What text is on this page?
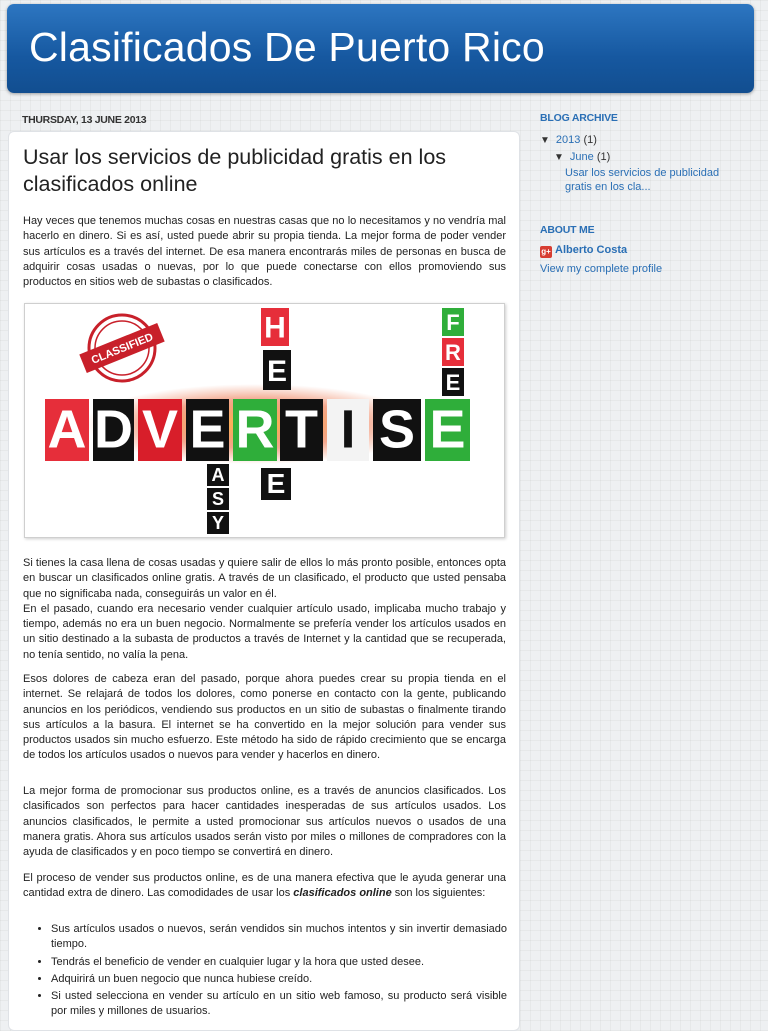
Clasificados De Puerto Rico
THURSDAY, 13 JUNE 2013
Usar los servicios de publicidad gratis en los clasificados online

Hay veces que tenemos muchas cosas en nuestras casas que no lo necesitamos y no vendría mal hacerlo en dinero. Si es así, usted puede abrir su propia tienda. La mejor forma de poder vender sus artículos es a través del internet. De esa manera encontrarás miles de personas en busca de adquirir cosas usadas o nuevas, por lo que puede conectarse con ellos promoviendo sus productos en sitios web de subastas o clasificados.

CLASSIFIED
A D V E R T I S E
H
E
E
R
F
R
E
A
S
Y

Si tienes la casa llena de cosas usadas y quiere salir de ellos lo más pronto posible, entonces opta en buscar un clasificados online gratis. A través de un clasificado, el producto que usted pensaba que no significaba nada, conseguirás un valor en él.
En el pasado, cuando era necesario vender cualquier artículo usado, implicaba mucho trabajo y tiempo, además no era un buen negocio. Normalmente se prefería vender los artículos usados en un sitio destinado a la subasta de productos a través de Internet y la cantidad que se recuperada, no tenía sentido, no valía la pena.

Esos dolores de cabeza eran del pasado, porque ahora puedes crear su propia tienda en el internet. Se relajará de todos los dolores, como ponerse en contacto con la gente, publicando anuncios en los periódicos, vendiendo sus productos en un sitio de subastas o finalmente tirando sus artículos a la basura. El internet se ha convertido en la mejor solución para vender sus productos usados sin mucho esfuerzo. Este método ha sido de rápido crecimiento que se encarga de todos los artículos usados o nuevos para vender y hacerlos en dinero.

La mejor forma de promocionar sus productos online, es a través de anuncios clasificados. Los clasificados son perfectos para hacer cantidades inesperadas de sus artículos usados. Los anuncios clasificados, le permite a usted promocionar sus artículos nuevos o usados de una manera gratis. Ahora sus artículos usados serán visto por miles o millones de compradores con la ayuda de clasificados y en poco tiempo se convertirá en dinero.

El proceso de vender sus productos online, es de una manera efectiva que le ayuda generar una cantidad extra de dinero. Las comodidades de usar los clasificados online son los siguientes:

• Sus artículos usados o nuevos, serán vendidos sin muchos intentos y sin invertir demasiado tiempo.
• Tendrás el beneficio de vender en cualquier lugar y la hora que usted desee.
• Adquirirá un buen negocio que nunca hubiese creído.
• Si usted selecciona en vender su artículo en un sitio web famoso, su producto será visible por miles y millones de usuarios.
BLOG ARCHIVE
▼ 2013 (1)
▼ June (1)
Usar los servicios de publicidad gratis en los cla...
ABOUT ME
g+ Alberto Costa
View my complete profile
